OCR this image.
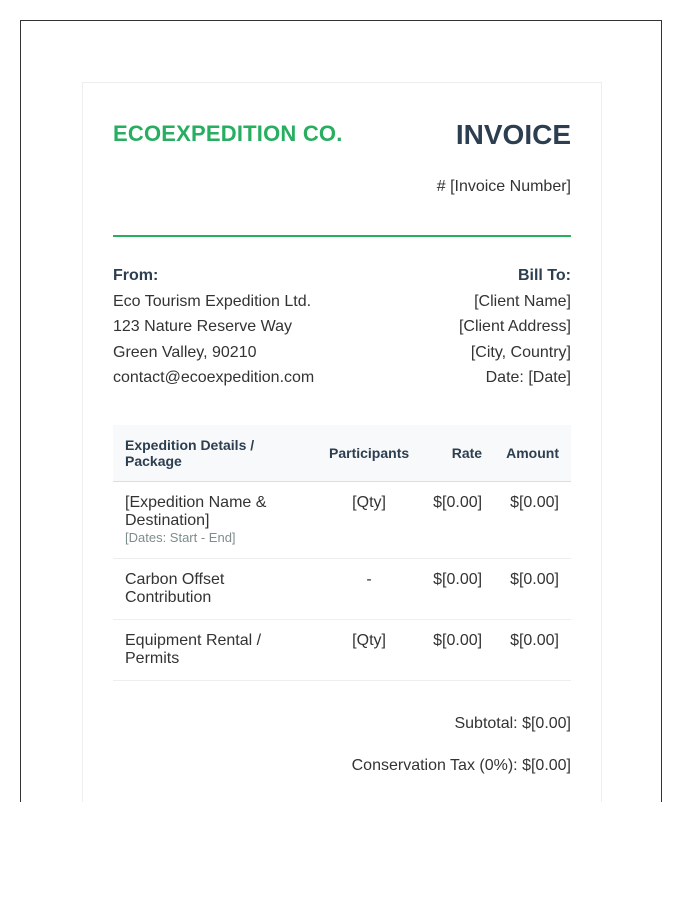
ECOEXPEDITION CO.	INVOICE
# [Invoice Number]
From:
Eco Tourism Expedition Ltd.
123 Nature Reserve Way
Green Valley, 90210
contact@ecoexpedition.com
Bill To:
[Client Name]
[Client Address]
[City, Country]
Date: [Date]
Expedition Details / Package	Participants	Rate	Amount
[Expedition Name & Destination]
[Dates: Start - End]	[Qty]	$[0.00]	$[0.00]
Carbon Offset Contribution	-	$[0.00]	$[0.00]
Equipment Rental / Permits	[Qty]	$[0.00]	$[0.00]
Subtotal: $[0.00]
Conservation Tax (0%): $[0.00]
